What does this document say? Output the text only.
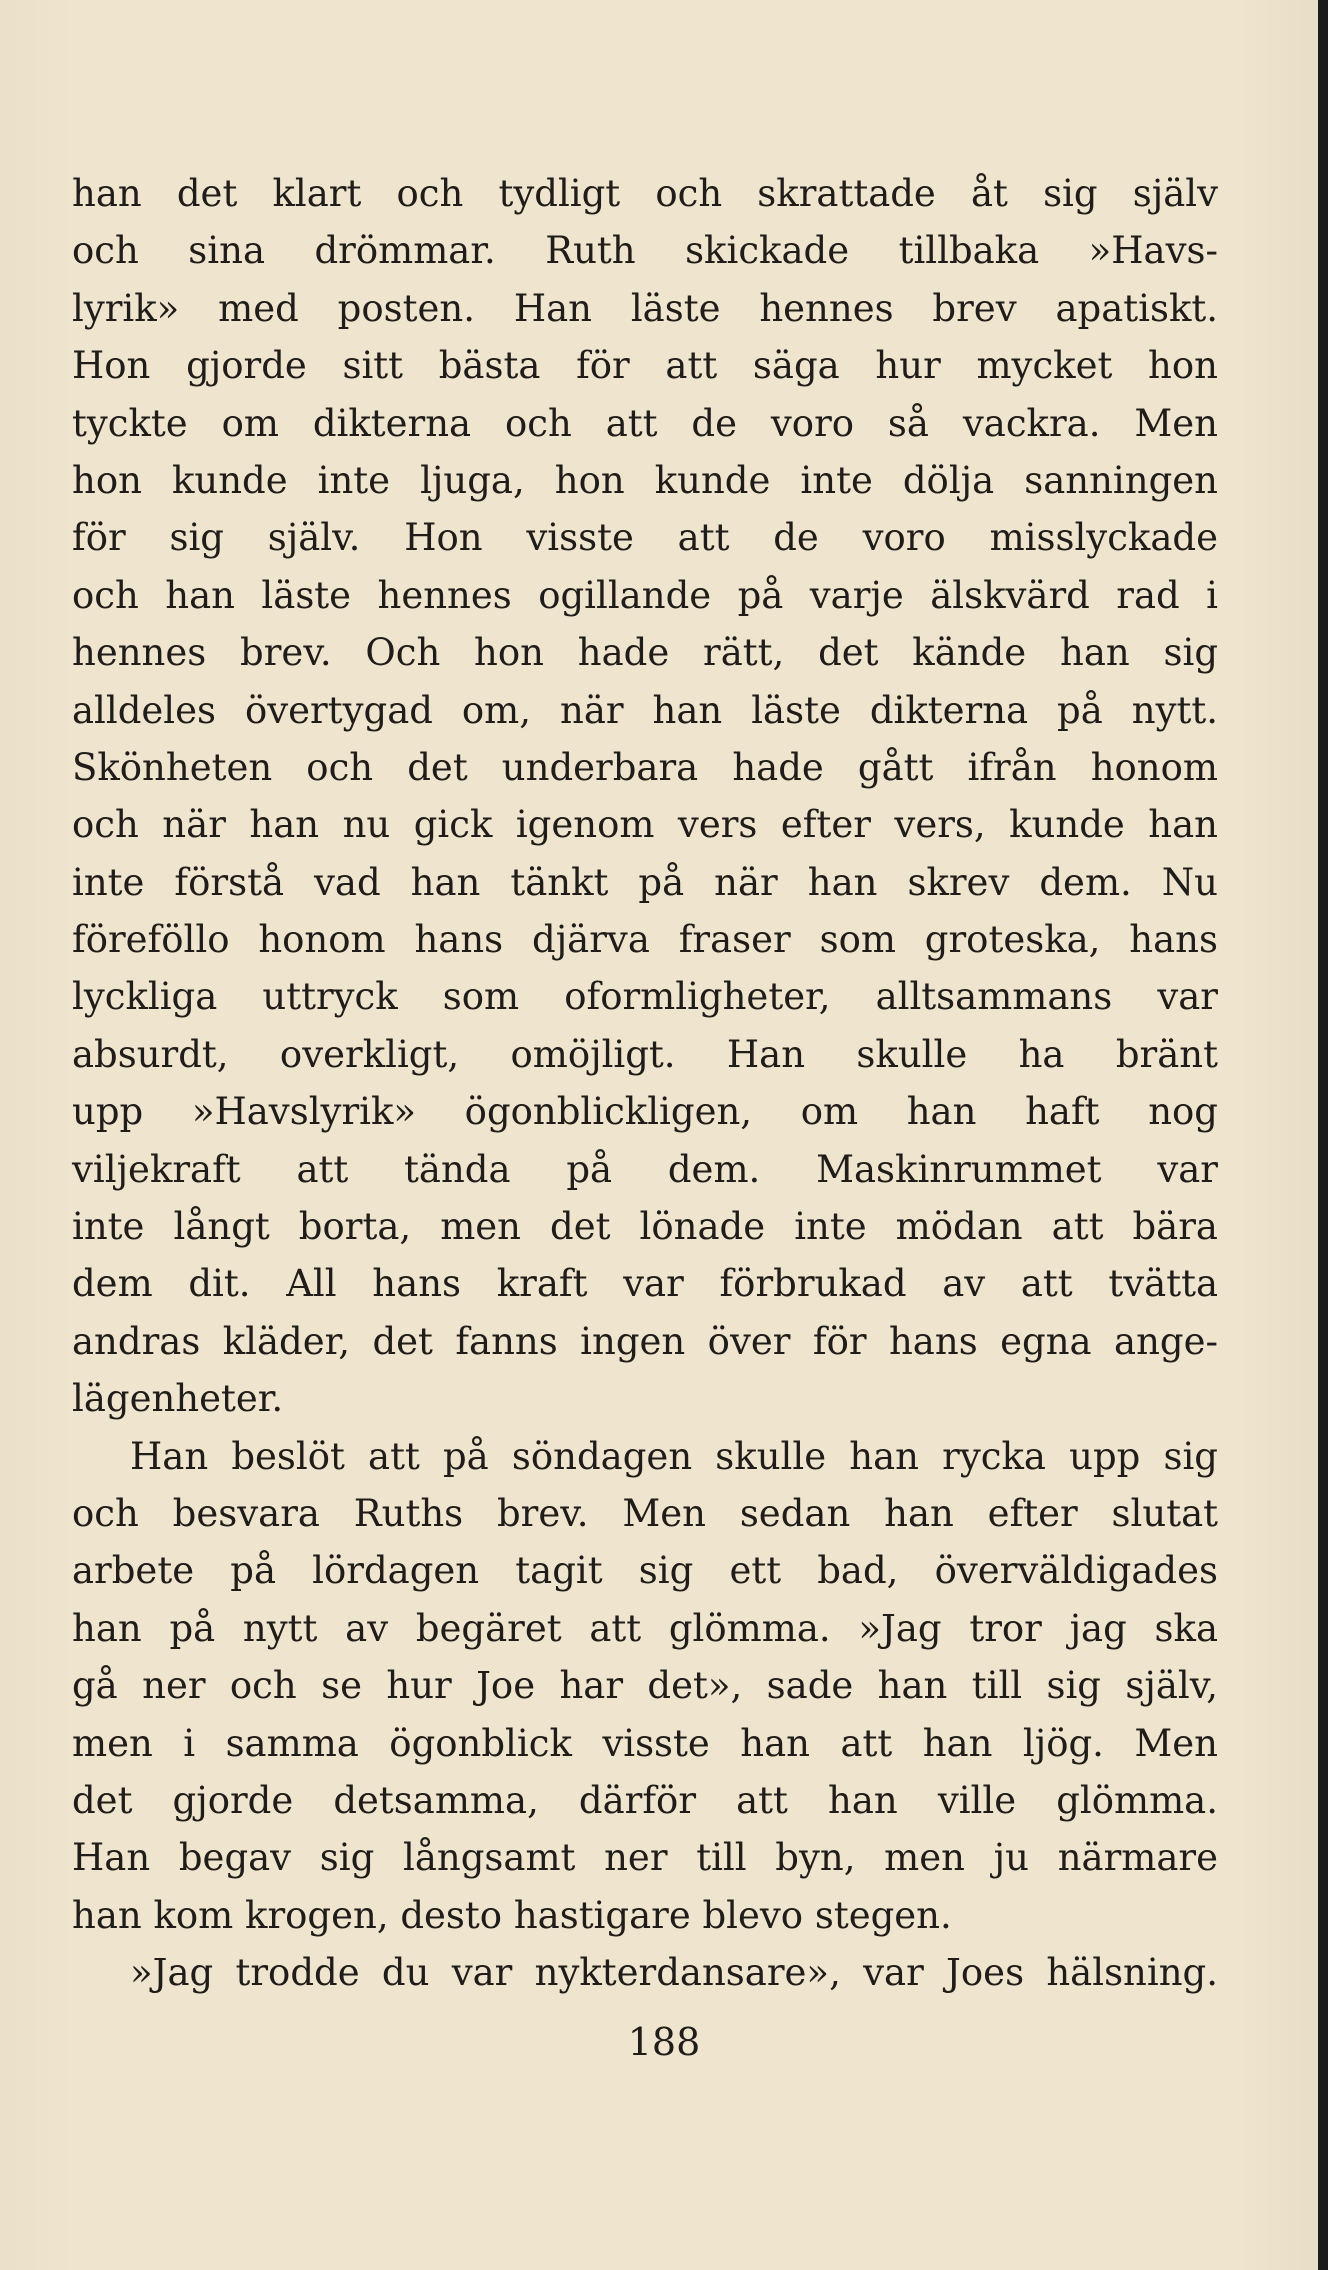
han det klart och tydligt och skrattade åt sig själv
och sina drömmar. Ruth skickade tillbaka »Havs-
lyrik» med posten. Han läste hennes brev apatiskt.
Hon gjorde sitt bästa för att säga hur mycket hon
tyckte om dikterna och att de voro så vackra. Men
hon kunde inte ljuga, hon kunde inte dölja sanningen
för sig själv. Hon visste att de voro misslyckade
och han läste hennes ogillande på varje älskvärd rad i
hennes brev. Och hon hade rätt, det kände han sig
alldeles övertygad om, när han läste dikterna på nytt.
Skönheten och det underbara hade gått ifrån honom
och när han nu gick igenom vers efter vers, kunde han
inte förstå vad han tänkt på när han skrev dem. Nu
föreföllo honom hans djärva fraser som groteska, hans
lyckliga uttryck som oformligheter, alltsammans var
absurdt, overkligt, omöjligt. Han skulle ha bränt
upp »Havslyrik» ögonblickligen, om han haft nog
viljekraft att tända på dem. Maskinrummet var
inte långt borta, men det lönade inte mödan att bära
dem dit. All hans kraft var förbrukad av att tvätta
andras kläder, det fanns ingen över för hans egna ange-
lägenheter.
Han beslöt att på söndagen skulle han rycka upp sig
och besvara Ruths brev. Men sedan han efter slutat
arbete på lördagen tagit sig ett bad, överväldigades
han på nytt av begäret att glömma. »Jag tror jag ska
gå ner och se hur Joe har det», sade han till sig själv,
men i samma ögonblick visste han att han ljög. Men
det gjorde detsamma, därför att han ville glömma.
Han begav sig långsamt ner till byn, men ju närmare
han kom krogen, desto hastigare blevo stegen.
»Jag trodde du var nykterdansare», var Joes hälsning.
188
